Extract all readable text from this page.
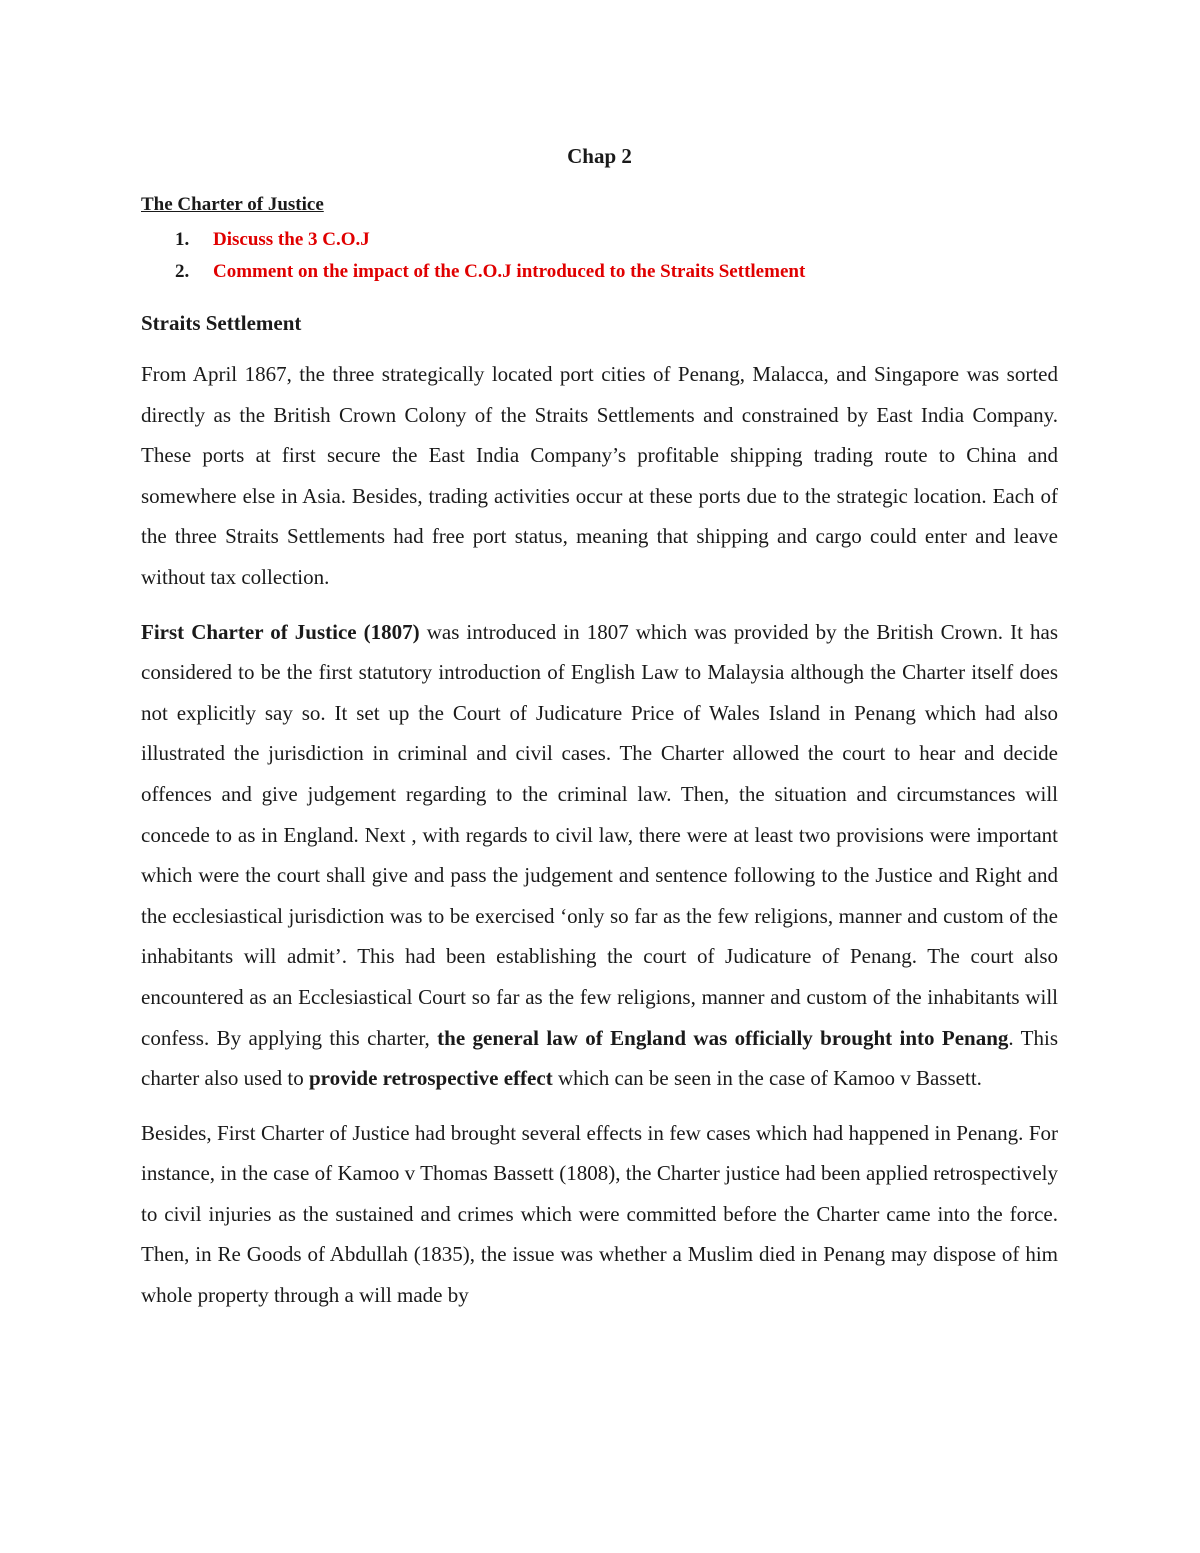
Chap 2
The Charter of Justice
1. Discuss the 3 C.O.J
2. Comment on the impact of the C.O.J introduced to the Straits Settlement
Straits Settlement

From April 1867, the three strategically located port cities of Penang, Malacca, and Singapore was sorted directly as the British Crown Colony of the Straits Settlements and constrained by East India Company. These ports at first secure the East India Company’s profitable shipping trading route to China and somewhere else in Asia. Besides, trading activities occur at these ports due to the strategic location. Each of the three Straits Settlements had free port status, meaning that shipping and cargo could enter and leave without tax collection.

First Charter of Justice (1807) was introduced in 1807 which was provided by the British Crown. It has considered to be the first statutory introduction of English Law to Malaysia although the Charter itself does not explicitly say so. It set up the Court of Judicature Price of Wales Island in Penang which had also illustrated the jurisdiction in criminal and civil cases. The Charter allowed the court to hear and decide offences and give judgement regarding to the criminal law. Then, the situation and circumstances will concede to as in England. Next , with regards to civil law, there were at least two provisions were important which were the court shall give and pass the judgement and sentence following to the Justice and Right and the ecclesiastical jurisdiction was to be exercised ‘only so far as the few religions, manner and custom of the inhabitants will admit’. This had been establishing the court of Judicature of Penang. The court also encountered as an Ecclesiastical Court so far as the few religions, manner and custom of the inhabitants will confess. By applying this charter, the general law of England was officially brought into Penang. This charter also used to provide retrospective effect which can be seen in the case of Kamoo v Bassett.

Besides, First Charter of Justice had brought several effects in few cases which had happened in Penang. For instance, in the case of Kamoo v Thomas Bassett (1808), the Charter justice had been applied retrospectively to civil injuries as the sustained and crimes which were committed before the Charter came into the force. Then, in Re Goods of Abdullah (1835), the issue was whether a Muslim died in Penang may dispose of him whole property through a will made by
